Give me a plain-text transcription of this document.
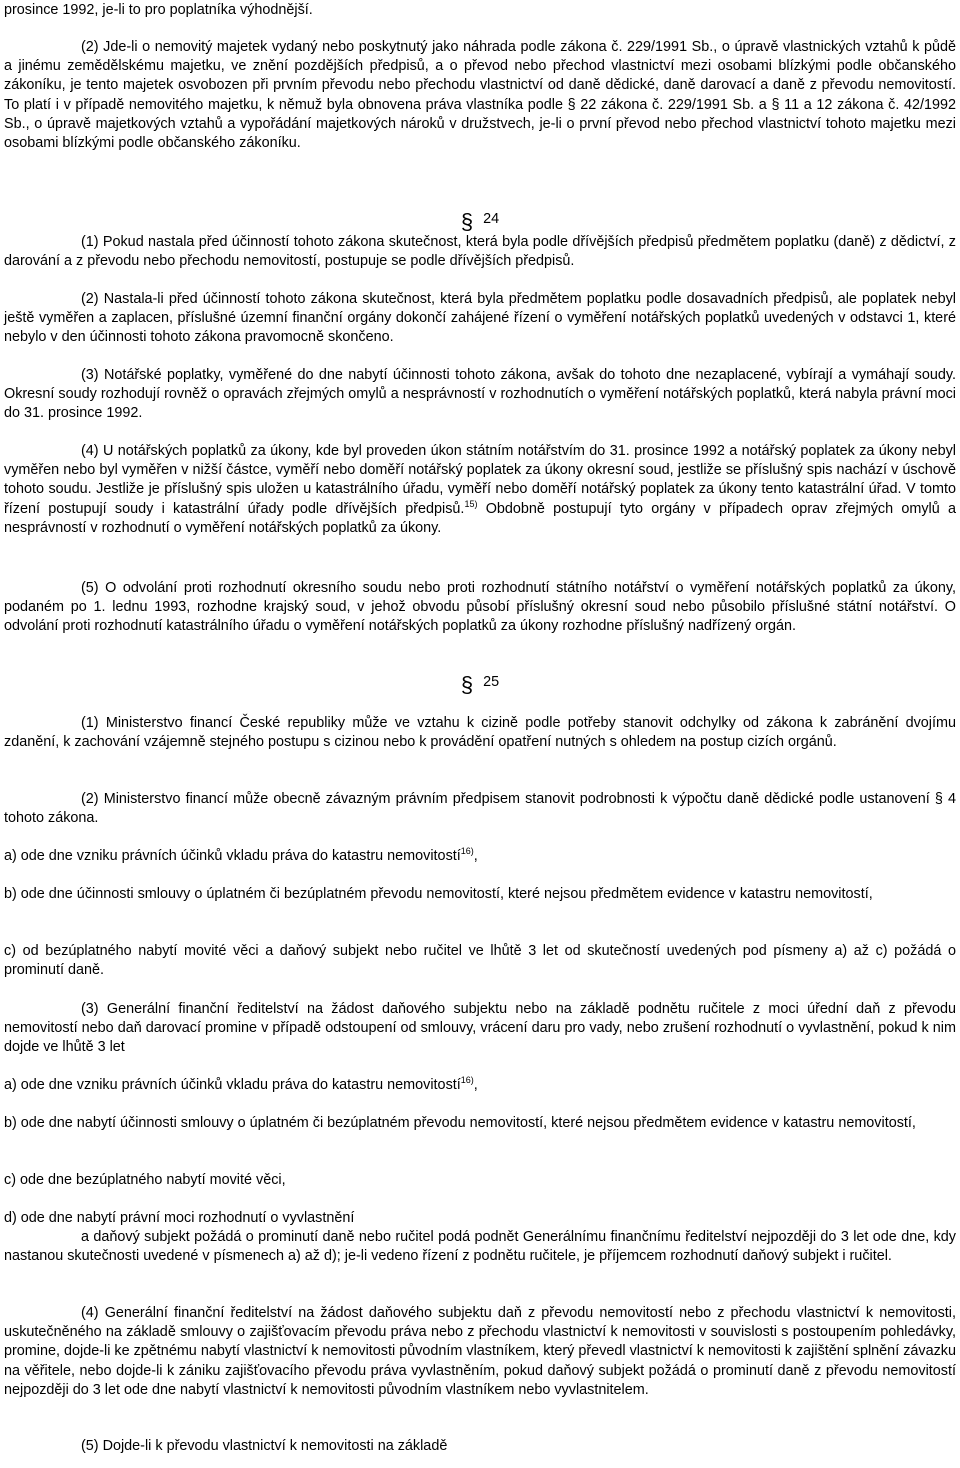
prosince 1992, je-li to pro poplatníka výhodnější.

(2) Jde-li o nemovitý majetek vydaný nebo poskytnutý jako náhrada podle zákona č. 229/1991 Sb., o úpravě vlastnických vztahů k půdě a jinému zemědělskému majetku, ve znění pozdějších předpisů, a o převod nebo přechod vlastnictví mezi osobami blízkými podle občanského zákoníku, je tento majetek osvobozen při prvním převodu nebo přechodu vlastnictví od daně dědické, daně darovací a daně z převodu nemovitostí. To platí i v případě nemovitého majetku, k němuž byla obnovena práva vlastníka podle § 22 zákona č. 229/1991 Sb. a § 11 a 12 zákona č. 42/1992 Sb., o úpravě majetkových vztahů a vypořádání majetkových nároků v družstvech, je-li o první převod nebo přechod vlastnictví tohoto majetku mezi osobami blízkými podle občanského zákoníku.

§ 24

(1) Pokud nastala před účinností tohoto zákona skutečnost, která byla podle dřívějších předpisů předmětem poplatku (daně) z dědictví, z darování a z převodu nebo přechodu nemovitostí, postupuje se podle dřívějších předpisů.

(2) Nastala-li před účinností tohoto zákona skutečnost, která byla předmětem poplatku podle dosavadních předpisů, ale poplatek nebyl ještě vyměřen a zaplacen, příslušné územní finanční orgány dokončí zahájené řízení o vyměření notářských poplatků uvedených v odstavci 1, které nebylo v den účinnosti tohoto zákona pravomocně skončeno.

(3) Notářské poplatky, vyměřené do dne nabytí účinnosti tohoto zákona, avšak do tohoto dne nezaplacené, vybírají a vymáhají soudy. Okresní soudy rozhodují rovněž o opravách zřejmých omylů a nesprávností v rozhodnutích o vyměření notářských poplatků, která nabyla právní moci do 31. prosince 1992.

(4) U notářských poplatků za úkony, kde byl proveden úkon státním notářstvím do 31. prosince 1992 a notářský poplatek za úkony nebyl vyměřen nebo byl vyměřen v nižší částce, vyměří nebo doměří notářský poplatek za úkony okresní soud, jestliže se příslušný spis nachází v úschově tohoto soudu. Jestliže je příslušný spis uložen u katastrálního úřadu, vyměří nebo doměří notářský poplatek za úkony tento katastrální úřad. V tomto řízení postupují soudy i katastrální úřady podle dřívějších předpisů.$^{15)}$ Obdobně postupují tyto orgány v případech oprav zřejmých omylů a nesprávností v rozhodnutí o vyměření notářských poplatků za úkony.

(5) O odvolání proti rozhodnutí okresního soudu nebo proti rozhodnutí státního notářství o vyměření notářských poplatků za úkony, podaném po 1. lednu 1993, rozhodne krajský soud, v jehož obvodu působí příslušný okresní soud nebo působilo příslušné státní notářství. O odvolání proti rozhodnutí katastrálního úřadu o vyměření notářských poplatků za úkony rozhodne příslušný nadřízený orgán.

§ 25

(1) Ministerstvo financí České republiky může ve vztahu k cizině podle potřeby stanovit odchylky od zákona k zabránění dvojímu zdanění, k zachování vzájemně stejného postupu s cizinou nebo k provádění opatření nutných s ohledem na postup cizích orgánů.

(2) Ministerstvo financí může obecně závazným právním předpisem stanovit podrobnosti k výpočtu daně dědické podle ustanovení § 4 tohoto zákona.

a) ode dne vzniku právních účinků vkladu práva do katastru nemovitostí$^{16)}$,

b) ode dne účinnosti smlouvy o úplatném či bezúplatném převodu nemovitostí, které nejsou předmětem evidence v katastru nemovitostí,

c) od bezúplatného nabytí movité věci a daňový subjekt nebo ručitel ve lhůtě 3 let od skutečností uvedených pod písmeny a) až c) požádá o prominutí daně.

(3) Generální finanční ředitelství na žádost daňového subjektu nebo na základě podnětu ručitele z moci úřední daň z převodu nemovitostí nebo daň darovací promine v případě odstoupení od smlouvy, vrácení daru pro vady, nebo zrušení rozhodnutí o vyvlastnění, pokud k nim dojde ve lhůtě 3 let

a) ode dne vzniku právních účinků vkladu práva do katastru nemovitostí$^{16)}$,

b) ode dne nabytí účinnosti smlouvy o úplatném či bezúplatném převodu nemovitostí, které nejsou předmětem evidence v katastru nemovitostí,

c) ode dne bezúplatného nabytí movité věci,

d) ode dne nabytí právní moci rozhodnutí o vyvlastnění

a daňový subjekt požádá o prominutí daně nebo ručitel podá podnět Generálnímu finančnímu ředitelství nejpozději do 3 let ode dne, kdy nastanou skutečnosti uvedené v písmenech a) až d); je-li vedeno řízení z podnětu ručitele, je příjemcem rozhodnutí daňový subjekt i ručitel.

(4) Generální finanční ředitelství na žádost daňového subjektu daň z převodu nemovitostí nebo z přechodu vlastnictví k nemovitosti, uskutečněného na základě smlouvy o zajišťovacím převodu práva nebo z přechodu vlastnictví k nemovitosti v souvislosti s postoupením pohledávky, promine, dojde-li ke zpětnému nabytí vlastnictví k nemovitosti původním vlastníkem, který převedl vlastnictví k nemovitosti k zajištění splnění závazku na věřitele, nebo dojde-li k zániku zajišťovacího převodu práva vyvlastněním, pokud daňový subjekt požádá o prominutí daně z převodu nemovitostí nejpozději do 3 let ode dne nabytí vlastnictví k nemovitosti původním vlastníkem nebo vyvlastnitelem.

(5) Dojde-li k převodu vlastnictví k nemovitosti na základě
